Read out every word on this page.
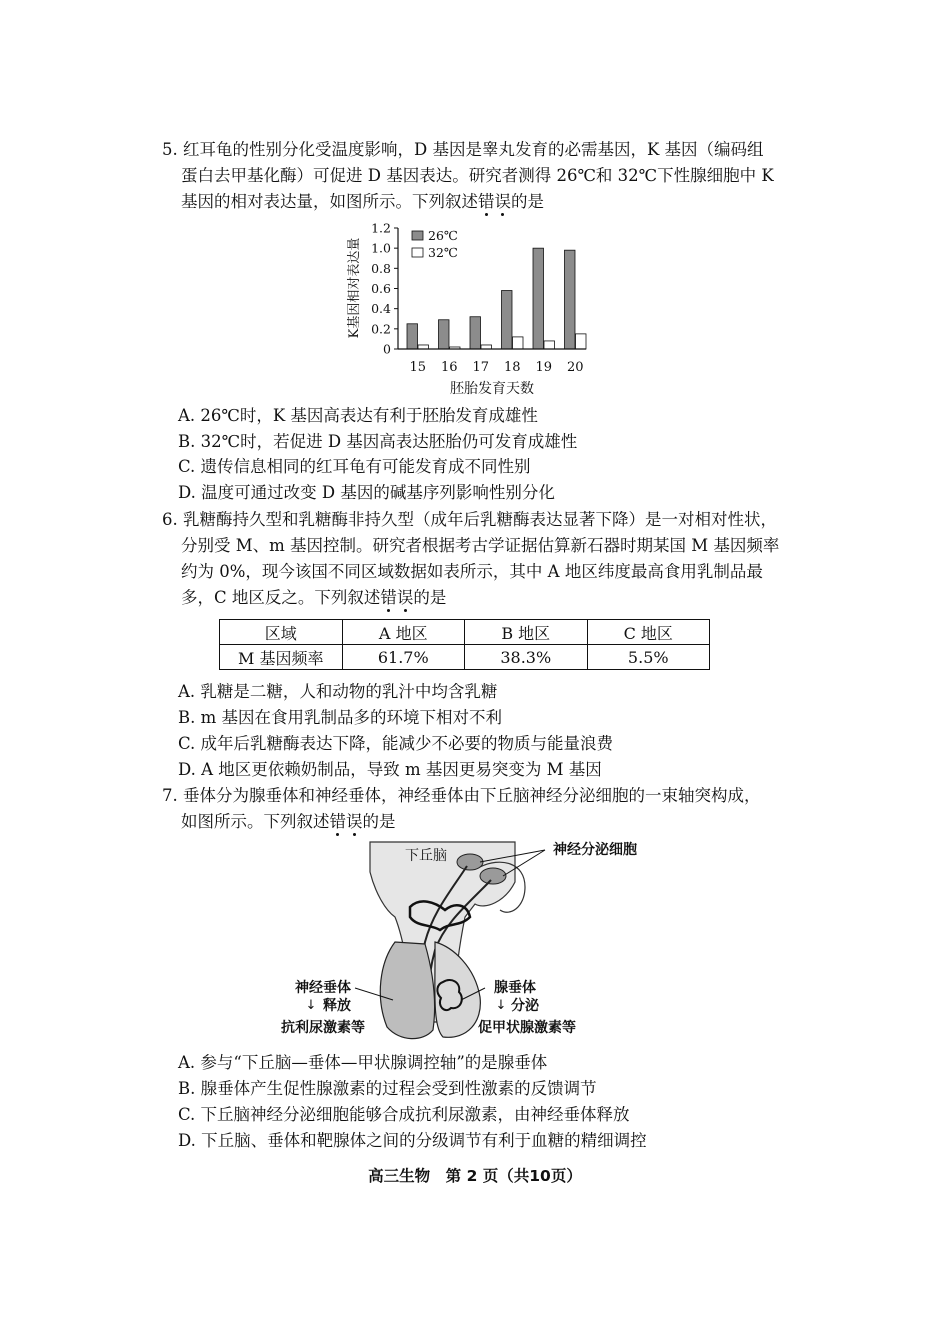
5. 红耳龟的性别分化受温度影响，D 基因是睾丸发育的必需基因，K 基因（编码组
蛋白去甲基化酶）可促进 D 基因表达。研究者测得 26℃和 32℃下性腺细胞中 K
基因的相对表达量，如图所示。下列叙述错误的是
K基因相对表达量
0
0.2
0.4
0.6
0.8
1.0
1.2
15 16 17 18 19 20
26℃
32℃
胚胎发育天数
A. 26℃时，K 基因高表达有利于胚胎发育成雄性
B. 32℃时，若促进 D 基因高表达胚胎仍可发育成雄性
C. 遗传信息相同的红耳龟有可能发育成不同性别
D. 温度可通过改变 D 基因的碱基序列影响性别分化
6. 乳糖酶持久型和乳糖酶非持久型（成年后乳糖酶表达显著下降）是一对相对性状，
分别受 M、m 基因控制。研究者根据考古学证据估算新石器时期某国 M 基因频率
约为 0%，现今该国不同区域数据如表所示，其中 A 地区纬度最高食用乳制品最
多，C 地区反之。下列叙述错误的是
区域	A 地区	B 地区	C 地区
M 基因频率	61.7%	38.3%	5.5%
A. 乳糖是二糖，人和动物的乳汁中均含乳糖
B. m 基因在食用乳制品多的环境下相对不利
C. 成年后乳糖酶表达下降，能减少不必要的物质与能量浪费
D. A 地区更依赖奶制品，导致 m 基因更易突变为 M 基因
7. 垂体分为腺垂体和神经垂体，神经垂体由下丘脑神经分泌细胞的一束轴突构成，
如图所示。下列叙述错误的是
下丘脑	神经分泌细胞
神经垂体
↓ 释放
抗利尿激素等
腺垂体
↓ 分泌
促甲状腺激素等
A. 参与“下丘脑—垂体—甲状腺调控轴”的是腺垂体
B. 腺垂体产生促性腺激素的过程会受到性激素的反馈调节
C. 下丘脑神经分泌细胞能够合成抗利尿激素，由神经垂体释放
D. 下丘脑、垂体和靶腺体之间的分级调节有利于血糖的精细调控
高三生物　第 2 页（共10页）
